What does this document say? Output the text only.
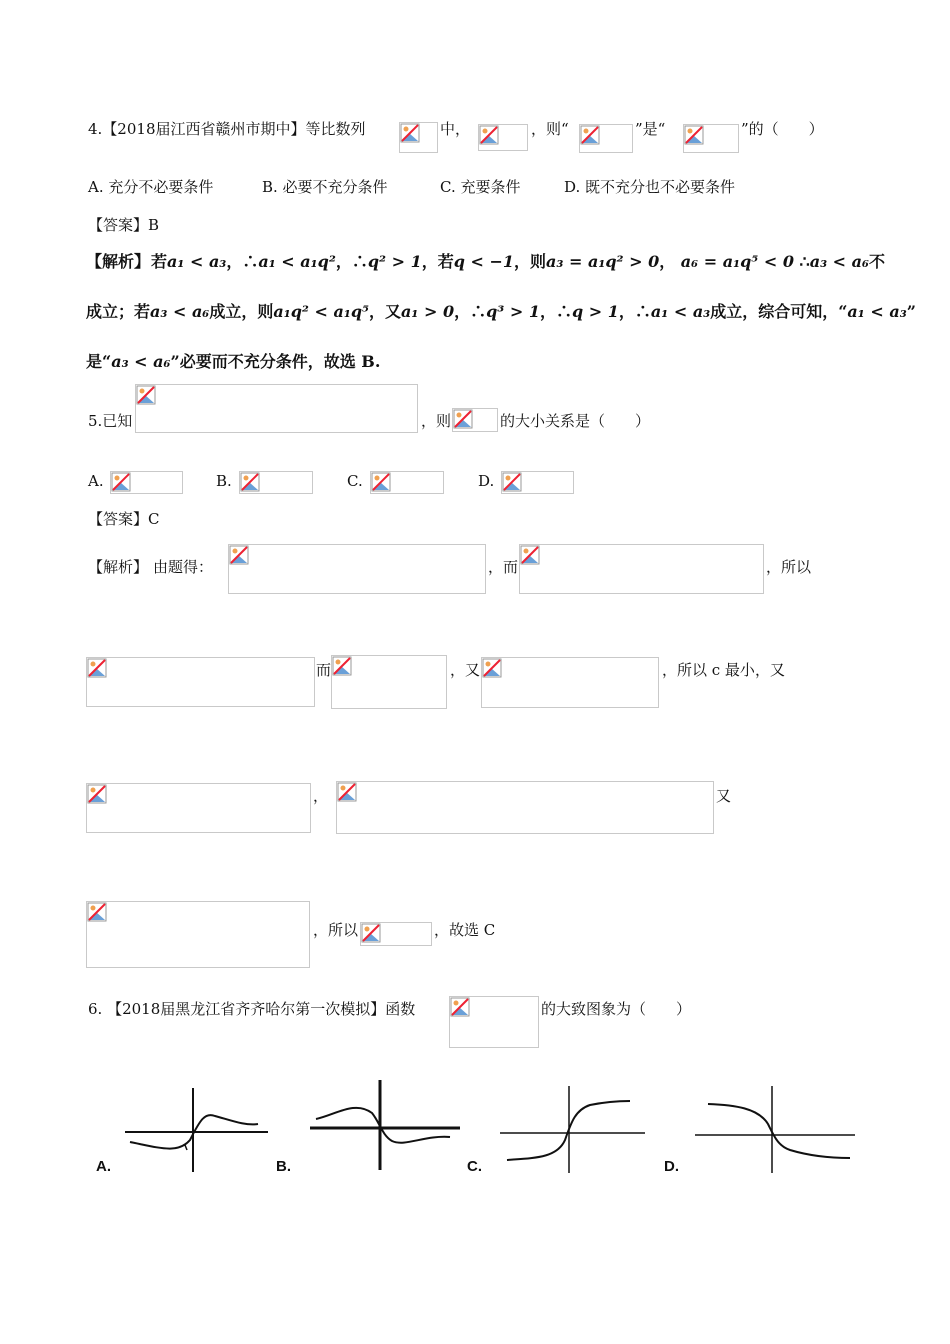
4.【2018届江西省赣州市期中】等比数列	中，	，则“	”是“	”的（　　）
A. 充分不必要条件	B. 必要不充分条件	C. 充要条件	D. 既不充分也不必要条件
【答案】B
【解析】 若a₁ < a₃，∴a₁ < a₁q²，∴q² > 1，若q < −1，则a₃ = a₁q² > 0， a₆ = a₁q⁵ < 0 ∴a₃ < a₆不
成立；若a₃ < a₆成立，则a₁q² < a₁q⁵，又a₁ > 0，∴q³ > 1，∴q > 1，∴a₁ < a₃成立，综合可知，“a₁ < a₃”
是“a₃ < a₆”必要而不充分条件，故选 B.
5.已知	，则	的大小关系是（　　）
A.	B.	C.	D.
【答案】C
【解析】 由题得：	，而	，所以
而	，又	，所以 c 最小，又
，	又
，所以	，故选 C
6. 【2018届黑龙江省齐齐哈尔第一次模拟】函数	的大致图象为（　　）
A.	B.	C.	D.
